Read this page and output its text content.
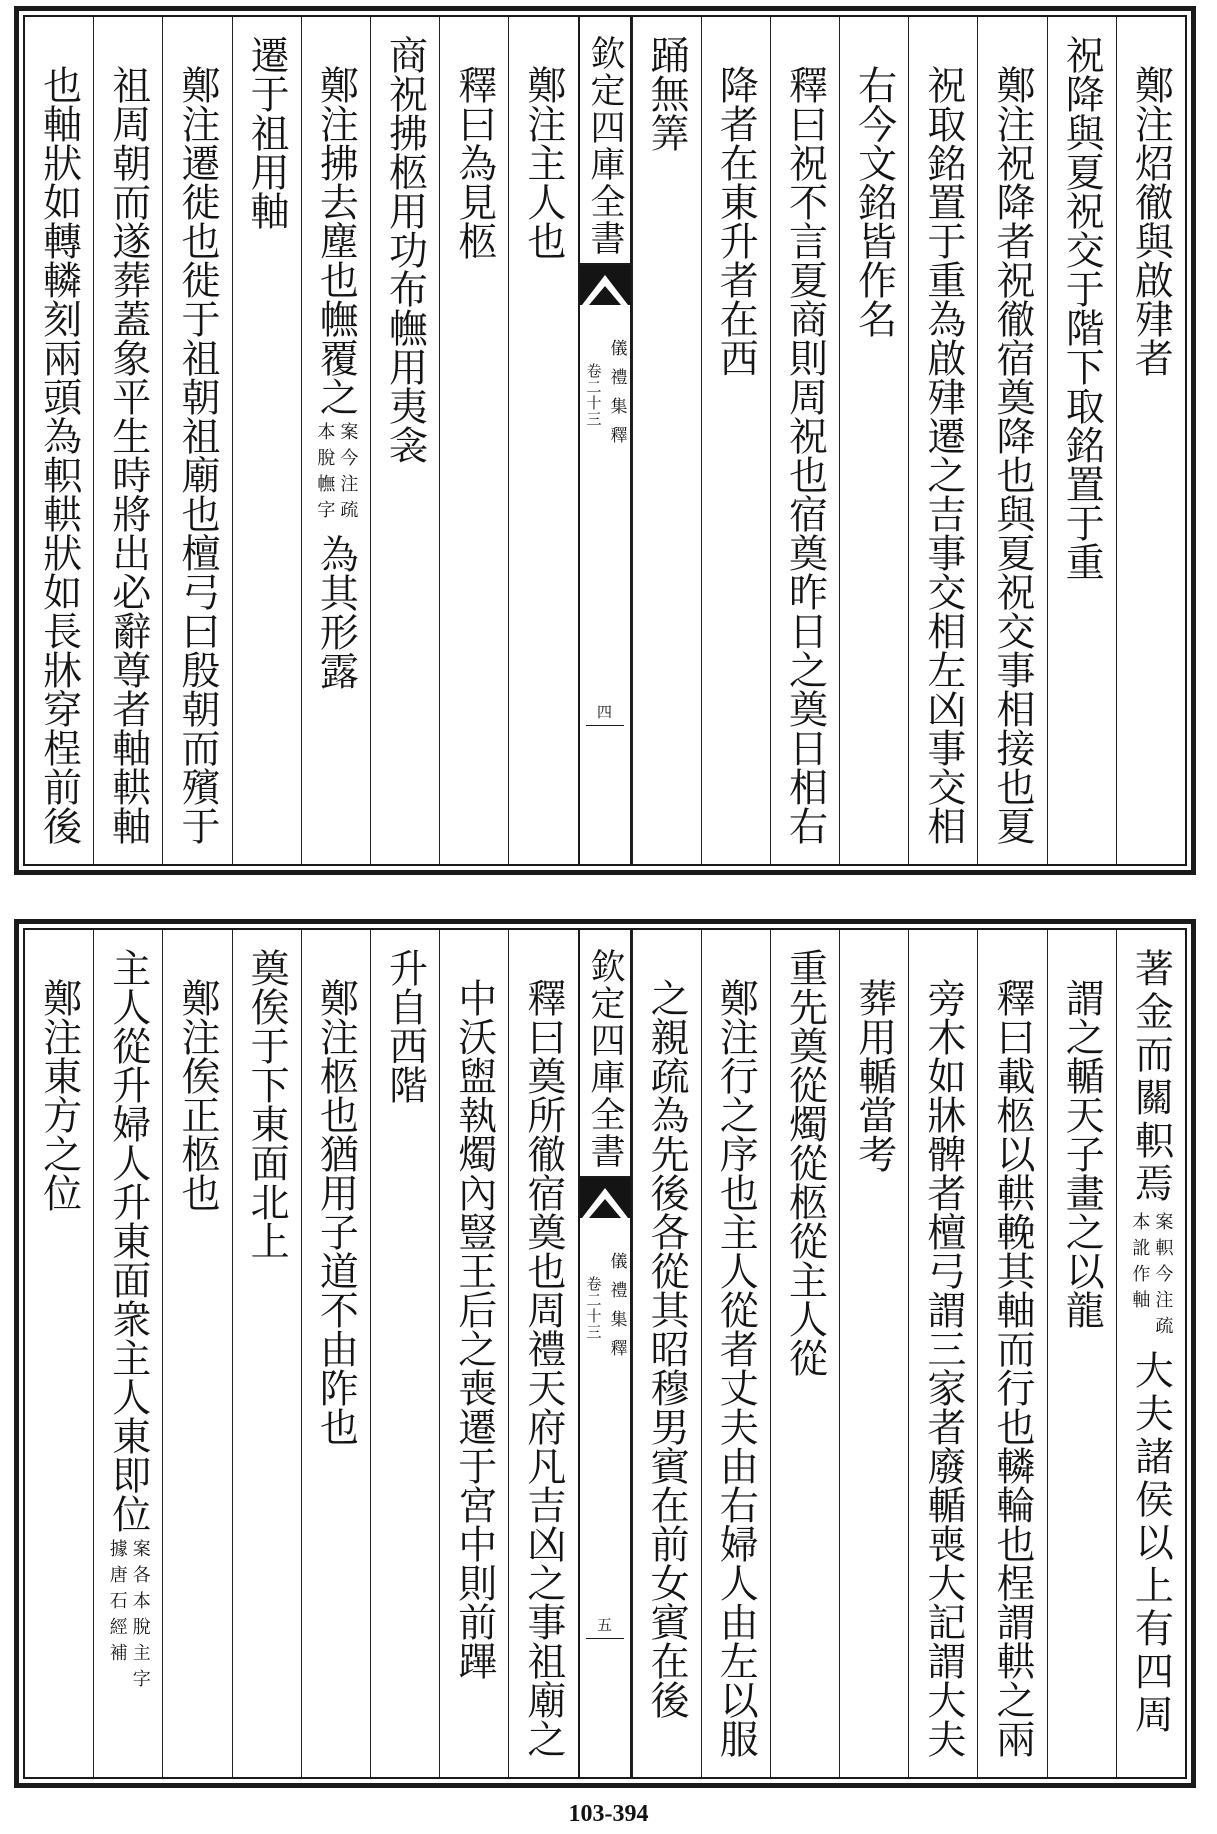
鄭注炤徹與啟肂者
祝降與夏祝交于階下取銘置于重
鄭注祝降者祝徹宿奠降也與夏祝交事相接也夏
祝取銘置于重為啟肂遷之吉事交相左凶事交相
右今文銘皆作名
釋曰祝不言夏商則周祝也宿奠昨日之奠日相右
降者在東升者在西
踊無筭
欽定四庫全書
儀禮集釋
卷二十三
四
鄭注主人也
釋曰為見柩
商祝拂柩用功布幠用夷衾
鄭注拂去塵也幠覆之
案今注疏
本脫幠字
為其形露
遷于祖用軸
鄭注遷徙也徙于祖朝祖廟也檀弓曰殷朝而殯于
祖周朝而遂葬蓋象平生時將出必辭尊者軸輁軸
也軸狀如轉轔刻兩頭為軹輁狀如長牀穿桯前後
著金而關軹焉
案軹今注疏
本訛作軸
大夫諸侯以上有四周
謂之輴天子畫之以龍
釋曰載柩以輁輓其軸而行也轔輪也桯謂輁之兩
旁木如牀髀者檀弓謂三家者廢輴喪大記謂大夫
葬用輴當考
重先奠從燭從柩從主人從
鄭注行之序也主人從者丈夫由右婦人由左以服
之親疏為先後各從其昭穆男賓在前女賓在後
欽定四庫全書
儀禮集釋
卷二十三
五
釋曰奠所徹宿奠也周禮天府凡吉凶之事祖廟之
中沃盥執燭內豎王后之喪遷于宮中則前蹕
升自西階
鄭注柩也猶用子道不由阼也
奠俟于下東面北上
鄭注俟正柩也
主人從升婦人升東面衆主人東即位
案各本脫主字
據唐石經補
鄭注東方之位
103-394
